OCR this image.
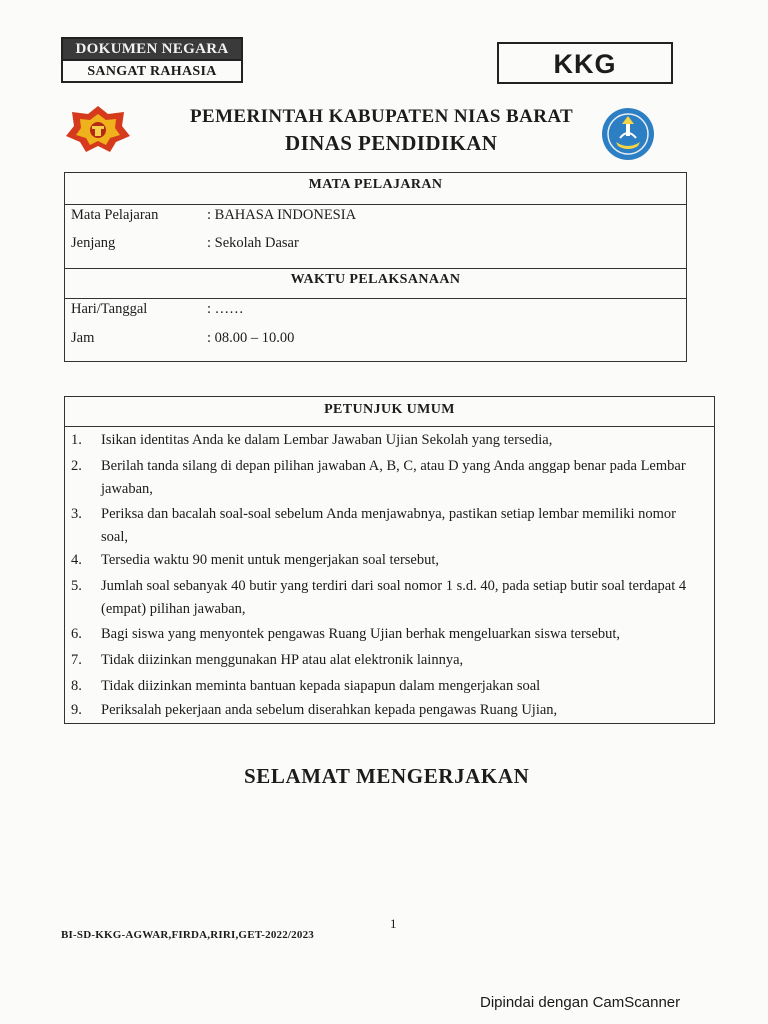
DOKUMEN NEGARA
SANGAT RAHASIA	KKG
PEMERINTAH KABUPATEN NIAS BARAT
DINAS PENDIDIKAN
MATA PELAJARAN
Mata Pelajaran	: BAHASA INDONESIA
Jenjang	: Sekolah Dasar
WAKTU PELAKSANAAN
Hari/Tanggal	: ……
Jam	: 08.00 – 10.00
PETUNJUK UMUM
1. Isikan identitas Anda ke dalam Lembar Jawaban Ujian Sekolah yang tersedia,
2. Berilah tanda silang di depan pilihan jawaban A, B, C, atau D yang Anda anggap benar pada Lembar jawaban,
3. Periksa dan bacalah soal-soal sebelum Anda menjawabnya, pastikan setiap lembar memiliki nomor soal,
4. Tersedia waktu 90 menit untuk mengerjakan soal tersebut,
5. Jumlah soal sebanyak 40 butir yang terdiri dari soal nomor 1 s.d. 40, pada setiap butir soal terdapat 4 (empat) pilihan jawaban,
6. Bagi siswa yang menyontek pengawas Ruang Ujian berhak mengeluarkan siswa tersebut,
7. Tidak diizinkan menggunakan HP atau alat elektronik lainnya,
8. Tidak diizinkan meminta bantuan kepada siapapun dalam mengerjakan soal
9. Periksalah pekerjaan anda sebelum diserahkan kepada pengawas Ruang Ujian,
SELAMAT MENGERJAKAN
1
BI-SD-KKG-AGWAR,FIRDA,RIRI,GET-2022/2023
Dipindai dengan CamScanner
